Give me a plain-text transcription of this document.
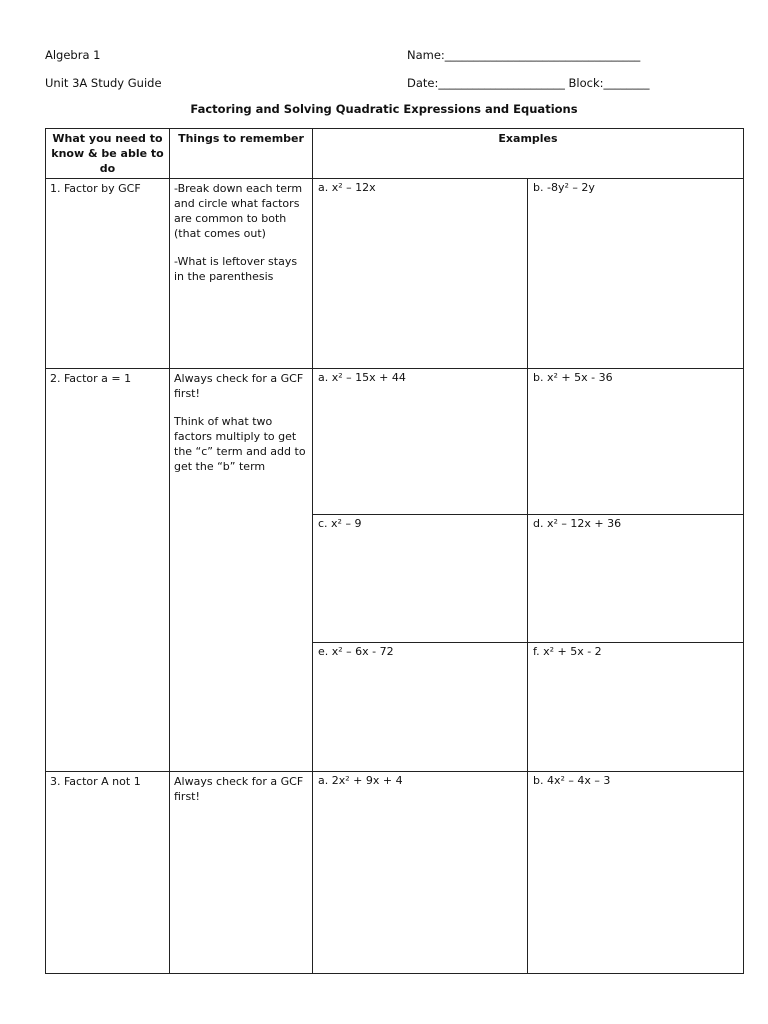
Algebra 1
Unit 3A Study Guide
Name:__________________________________
Date:______________________ Block:________
Factoring and Solving Quadratic Expressions and Equations
What you need to know & be able to do	Things to remember	Examples	
1. Factor by GCF	-Break down each term and circle what factors are common to both (that comes out)

-What is leftover stays in the parenthesis	a. x² – 12x	b. -8y² – 2y
2. Factor a = 1	Always check for a GCF first!

Think of what two factors multiply to get the “c” term and add to get the “b” term	a. x² – 15x + 44	b. x² + 5x - 36
		c. x² – 9	d. x² – 12x + 36
		e. x² – 6x - 72	f. x² + 5x - 2
3. Factor A not 1	Always check for a GCF first!	a. 2x² + 9x + 4	b. 4x² – 4x – 3
